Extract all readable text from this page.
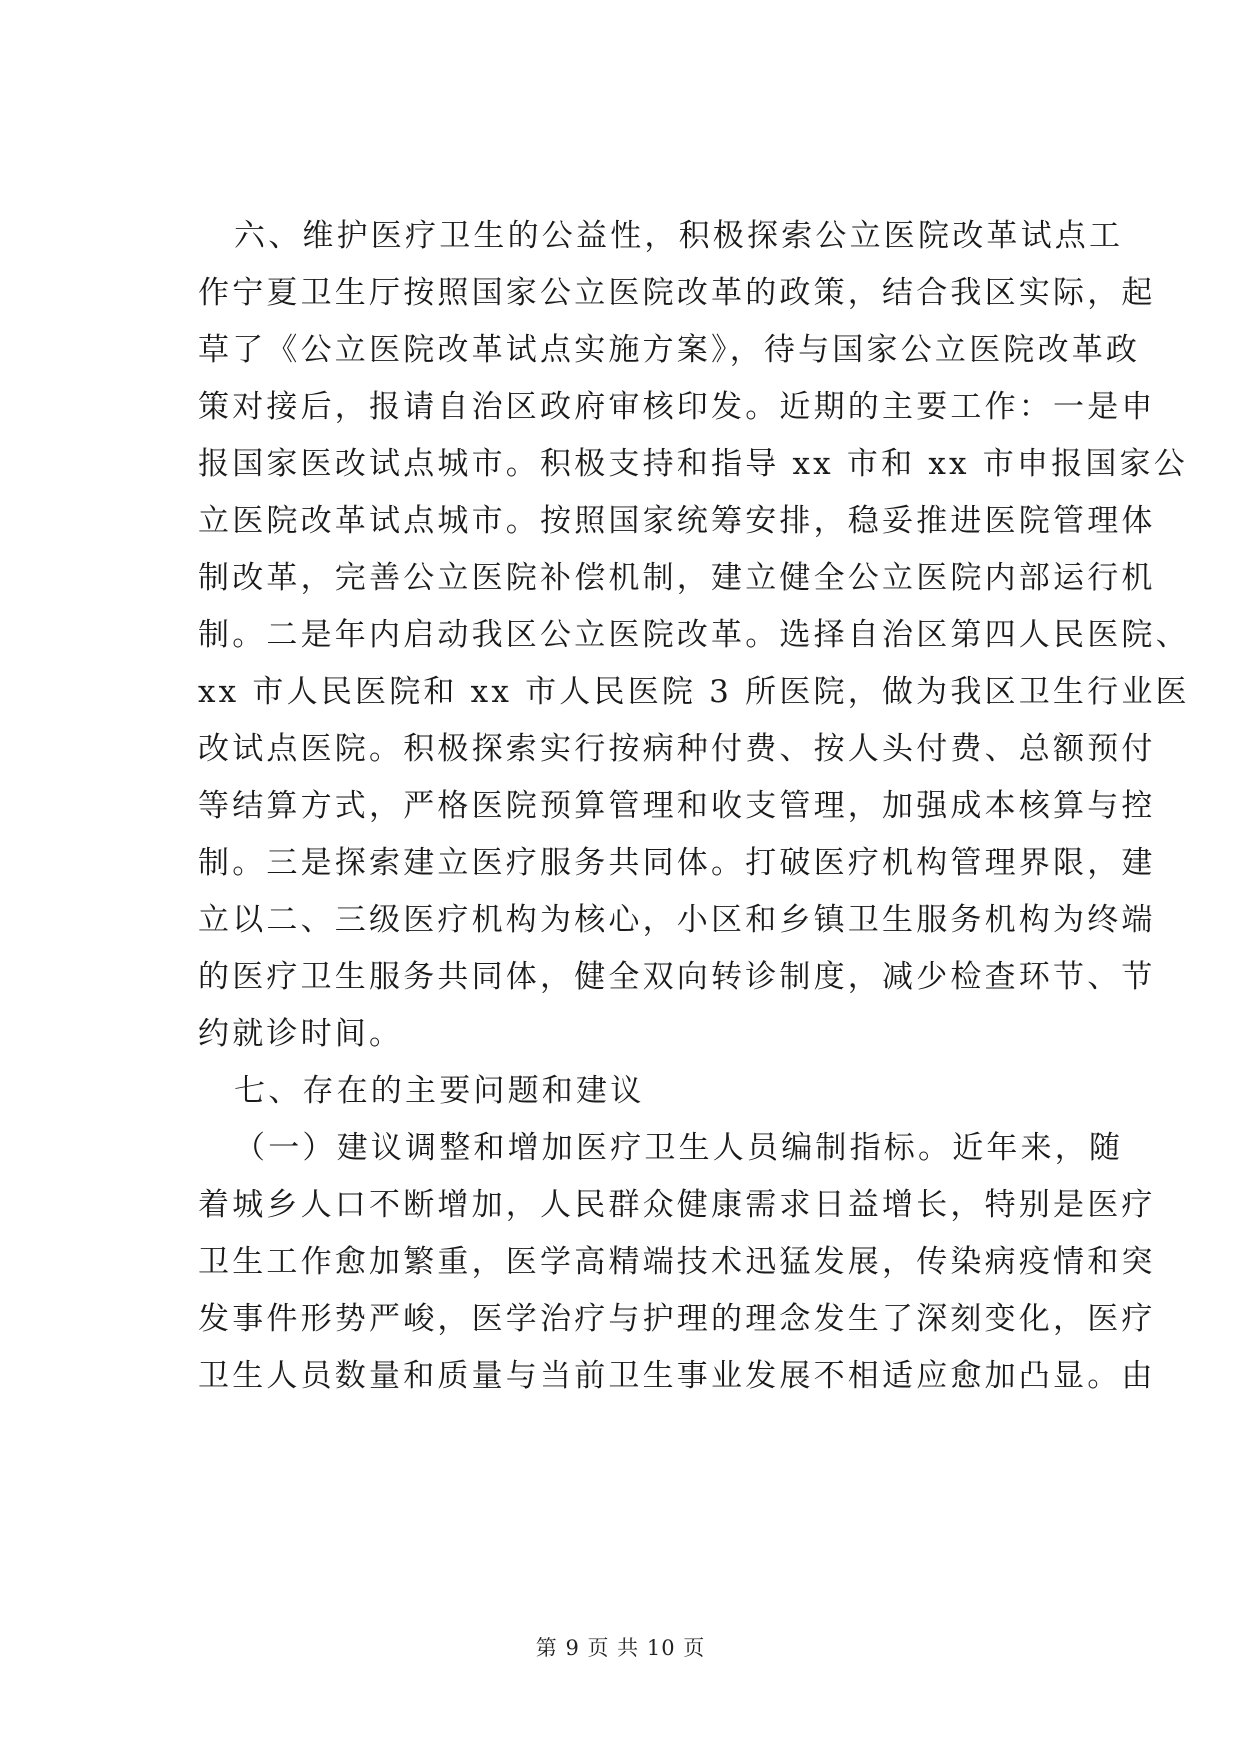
六、维护医疗卫生的公益性，积极探索公立医院改革试点工
作宁夏卫生厅按照国家公立医院改革的政策，结合我区实际，起
草了《公立医院改革试点实施方案》，待与国家公立医院改革政
策对接后，报请自治区政府审核印发。近期的主要工作：一是申
报国家医改试点城市。积极支持和指导 xx 市和 xx 市申报国家公
立医院改革试点城市。按照国家统筹安排，稳妥推进医院管理体
制改革，完善公立医院补偿机制，建立健全公立医院内部运行机
制。二是年内启动我区公立医院改革。选择自治区第四人民医院、
xx 市人民医院和 xx 市人民医院 3 所医院，做为我区卫生行业医
改试点医院。积极探索实行按病种付费、按人头付费、总额预付
等结算方式，严格医院预算管理和收支管理，加强成本核算与控
制。三是探索建立医疗服务共同体。打破医疗机构管理界限，建
立以二、三级医疗机构为核心，小区和乡镇卫生服务机构为终端
的医疗卫生服务共同体，健全双向转诊制度，减少检查环节、节
约就诊时间。
七、存在的主要问题和建议
（一）建议调整和增加医疗卫生人员编制指标。近年来，随
着城乡人口不断增加，人民群众健康需求日益增长，特别是医疗
卫生工作愈加繁重，医学高精端技术迅猛发展，传染病疫情和突
发事件形势严峻，医学治疗与护理的理念发生了深刻变化，医疗
卫生人员数量和质量与当前卫生事业发展不相适应愈加凸显。由
第 9 页 共 10 页
